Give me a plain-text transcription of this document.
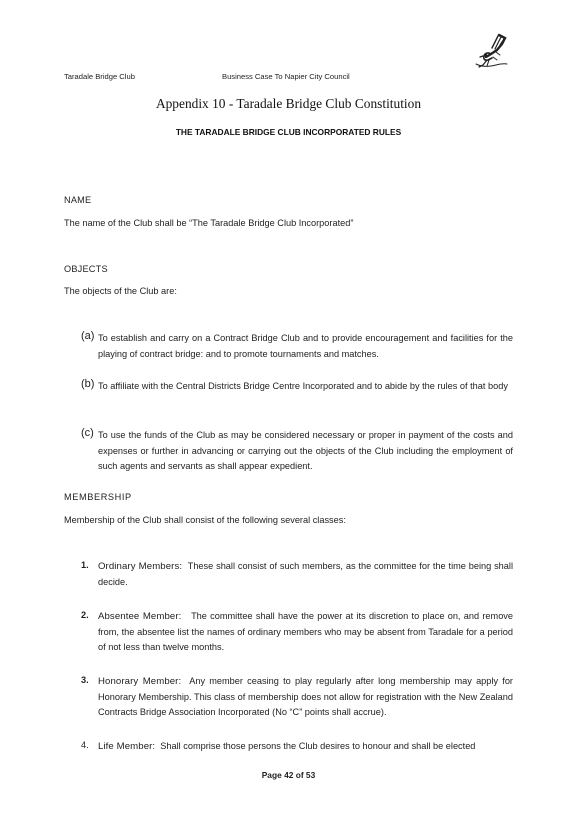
Taradale Bridge Club	Business Case To Napier City Council
Appendix 10 - Taradale Bridge Club Constitution
THE TARADALE BRIDGE CLUB INCORPORATED RULES
NAME
The name of the Club shall be “The Taradale Bridge Club Incorporated”
OBJECTS
The objects of the Club are:
(a) To establish and carry on a Contract Bridge Club and to provide encouragement and facilities for the playing of contract bridge: and to promote tournaments and matches.
(b) To affiliate with the Central Districts Bridge Centre Incorporated and to abide by the rules of that body
(c) To use the funds of the Club as may be considered necessary or proper in payment of the costs and expenses or further in advancing or carrying out the objects of the Club including the employment of such agents and servants as shall appear expedient.
MEMBERSHIP
Membership of the Club shall consist of the following several classes:
1. Ordinary Members: These shall consist of such members, as the committee for the time being shall decide.
2. Absentee Member: The committee shall have the power at its discretion to place on, and remove from, the absentee list the names of ordinary members who may be absent from Taradale for a period of not less than twelve months.
3. Honorary Member: Any member ceasing to play regularly after long membership may apply for Honorary Membership. This class of membership does not allow for registration with the New Zealand Contracts Bridge Association Incorporated (No “C” points shall accrue).
4. Life Member: Shall comprise those persons the Club desires to honour and shall be elected
Page 42 of 53
